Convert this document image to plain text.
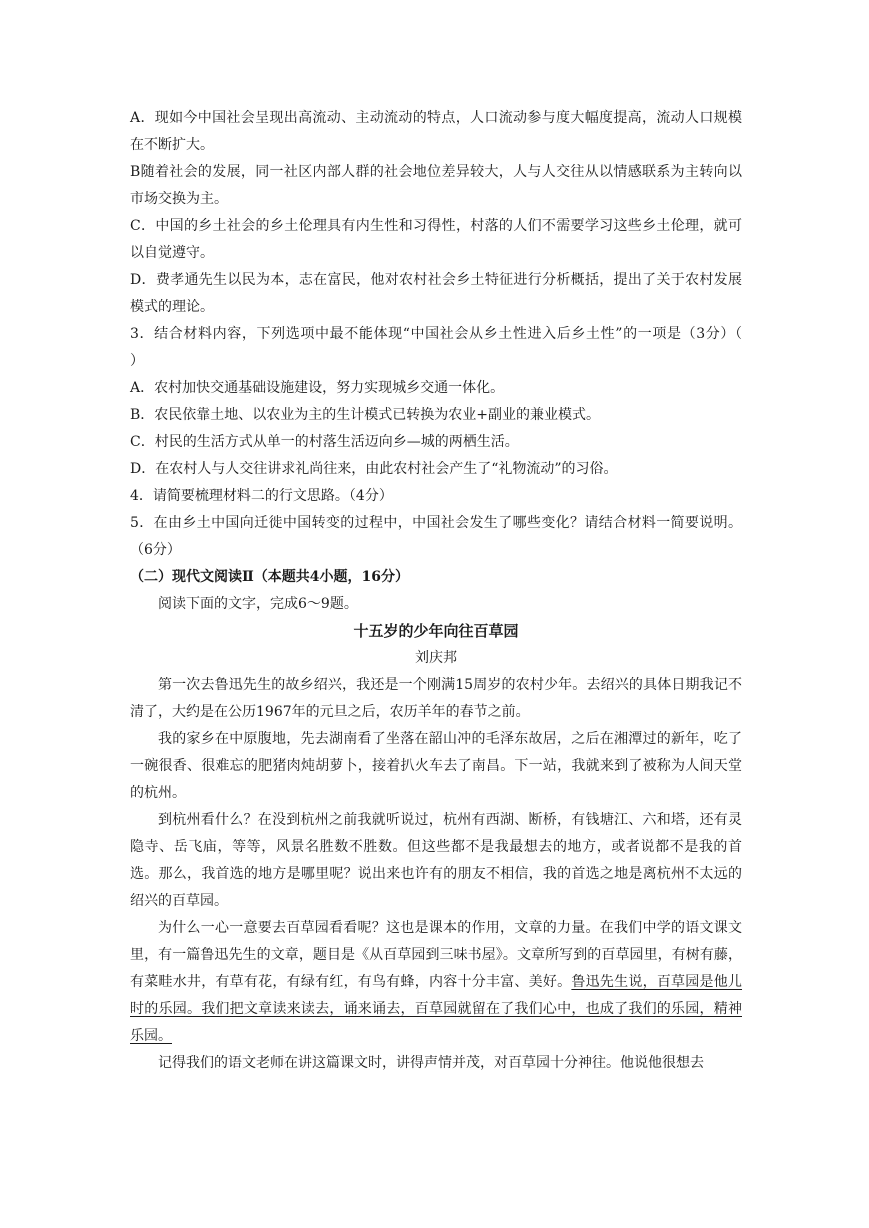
A．现如今中国社会呈现出高流动、主动流动的特点，人口流动参与度大幅度提高，流动人口规模在不断扩大。

B随着社会的发展，同一社区内部人群的社会地位差异较大，人与人交往从以情感联系为主转向以市场交换为主。

C．中国的乡土社会的乡土伦理具有内生性和习得性，村落的人们不需要学习这些乡土伦理，就可以自觉遵守。

D．费孝通先生以民为本，志在富民，他对农村社会乡土特征进行分析概括，提出了关于农村发展模式的理论。

3．结合材料内容，下列选项中最不能体现“中国社会从乡土性进入后乡土性”的一项是（3分）（　　）

A．农村加快交通基础设施建设，努力实现城乡交通一体化。

B．农民依靠土地、以农业为主的生计模式已转换为农业+副业的兼业模式。

C．村民的生活方式从单一的村落生活迈向乡—城的两栖生活。

D．在农村人与人交往讲求礼尚往来，由此农村社会产生了“礼物流动”的习俗。

4．请简要梳理材料二的行文思路。（4分）

5．在由乡土中国向迁徙中国转变的过程中，中国社会发生了哪些变化？请结合材料一简要说明。（6分）

（二）现代文阅读Ⅱ（本题共4小题，16分）

阅读下面的文字，完成6～9题。

十五岁的少年向往百草园

刘庆邦

第一次去鲁迅先生的故乡绍兴，我还是一个刚满15周岁的农村少年。去绍兴的具体日期我记不清了，大约是在公历1967年的元旦之后，农历羊年的春节之前。

我的家乡在中原腹地，先去湖南看了坐落在韶山冲的毛泽东故居，之后在湘潭过的新年，吃了一碗很香、很难忘的肥猪肉炖胡萝卜，接着扒火车去了南昌。下一站，我就来到了被称为人间天堂的杭州。

到杭州看什么？在没到杭州之前我就听说过，杭州有西湖、断桥，有钱塘江、六和塔，还有灵隐寺、岳飞庙，等等，风景名胜数不胜数。但这些都不是我最想去的地方，或者说都不是我的首选。那么，我首选的地方是哪里呢？说出来也许有的朋友不相信，我的首选之地是离杭州不太远的绍兴的百草园。

为什么一心一意要去百草园看看呢？这也是课本的作用，文章的力量。在我们中学的语文课文里，有一篇鲁迅先生的文章，题目是《从百草园到三味书屋》。文章所写到的百草园里，有树有藤，有菜畦水井，有草有花，有绿有红，有鸟有蜂，内容十分丰富、美好。鲁迅先生说，百草园是他儿时的乐园。我们把文章读来读去，诵来诵去，百草园就留在了我们心中，也成了我们的乐园，精神乐园。

记得我们的语文老师在讲这篇课文时，讲得声情并茂，对百草园十分神往。他说他很想去
